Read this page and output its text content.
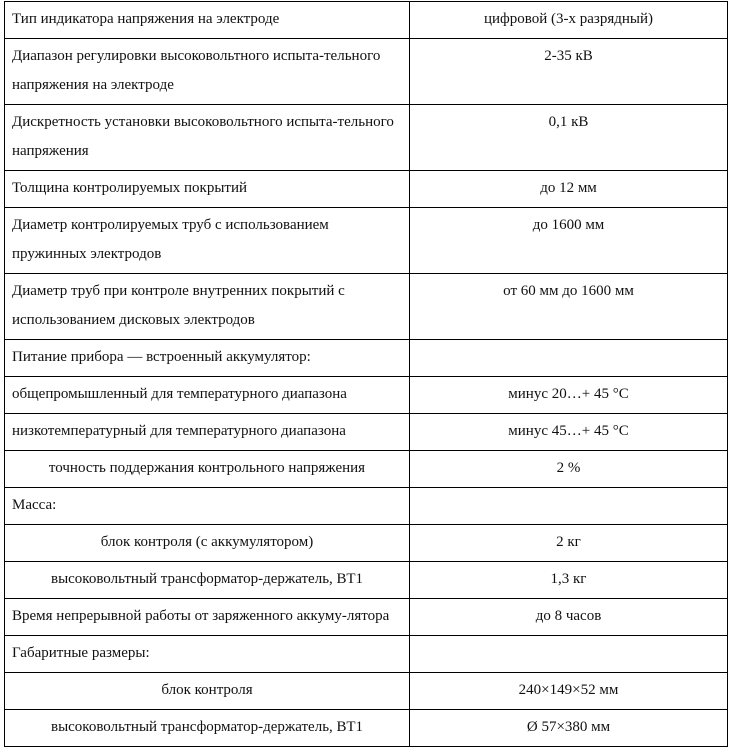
Тип индикатора напряжения на электроде	цифровой (3-х разрядный)
Диапазон регулировки высоковольтного испыта-тельного напряжения на электроде	2-35 кВ
Дискретность установки высоковольтного испыта-тельного напряжения	0,1 кВ
Толщина контролируемых покрытий	до 12 мм
Диаметр контролируемых труб с использованием пружинных электродов	до 1600 мм
Диаметр труб при контроле внутренних покрытий с использованием дисковых электродов	от 60 мм до 1600 мм
Питание прибора — встроенный аккумулятор:	
общепромышленный для температурного диапазона	минус 20…+ 45 °С
низкотемпературный для температурного диапазона	минус 45…+ 45 °С
точность поддержания контрольного напряжения	2 %
Масса:	
блок контроля (с аккумулятором)	2 кг
высоковольтный трансформатор-держатель, ВТ1	1,3 кг
Время непрерывной работы от заряженного аккуму-лятора	до 8 часов
Габаритные размеры:	
блок контроля	240×149×52 мм
высоковольтный трансформатор-держатель, ВТ1	Ø 57×380 мм
